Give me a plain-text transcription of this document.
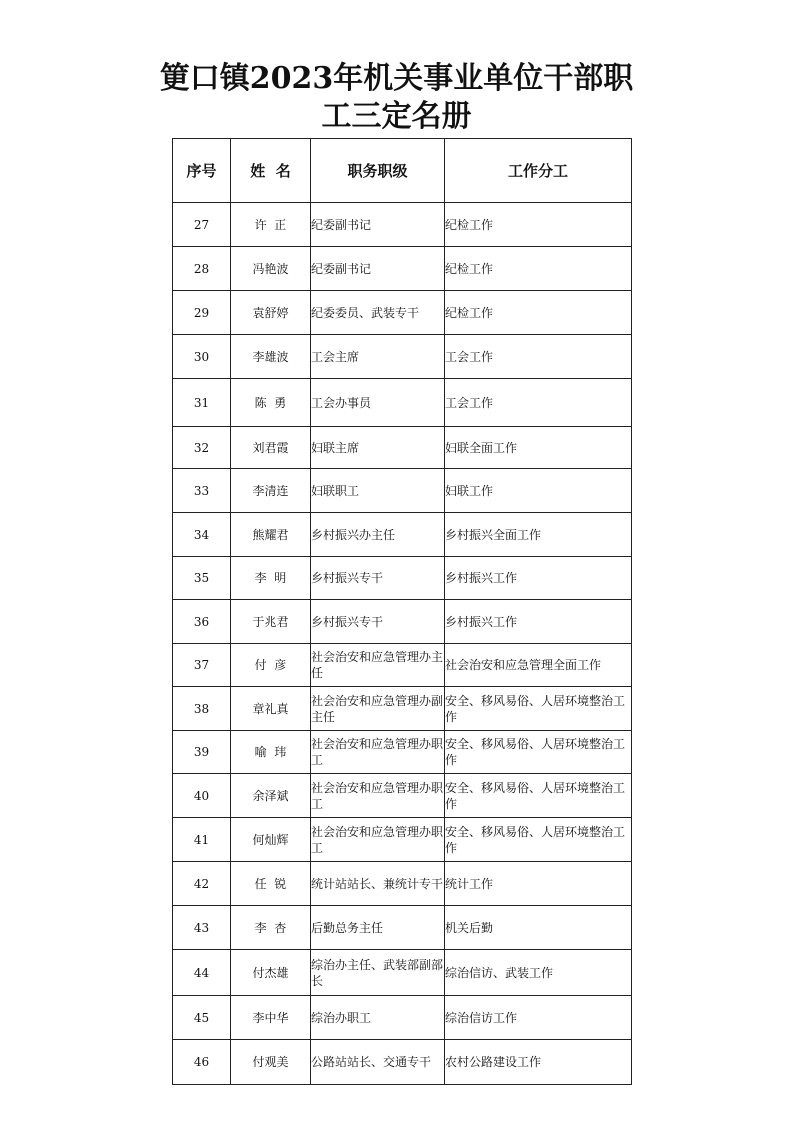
筻口镇2023年机关事业单位干部职
工三定名册
序号	姓  名	职务职级	工作分工
27	许  正	纪委副书记	纪检工作
28	冯艳波	纪委副书记	纪检工作
29	袁舒婷	纪委委员、武装专干	纪检工作
30	李雄波	工会主席	工会工作
31	陈  勇	工会办事员	工会工作
32	刘君霞	妇联主席	妇联全面工作
33	李清连	妇联职工	妇联工作
34	熊耀君	乡村振兴办主任	乡村振兴全面工作
35	李  明	乡村振兴专干	乡村振兴工作
36	于兆君	乡村振兴专干	乡村振兴工作
37	付  彦	社会治安和应急管理办主任	社会治安和应急管理全面工作
38	章礼真	社会治安和应急管理办副主任	安全、移风易俗、人居环境整治工作
39	喻  玮	社会治安和应急管理办职工	安全、移风易俗、人居环境整治工作
40	余泽斌	社会治安和应急管理办职工	安全、移风易俗、人居环境整治工作
41	何灿辉	社会治安和应急管理办职工	安全、移风易俗、人居环境整治工作
42	任  锐	统计站站长、兼统计专干	统计工作
43	李  杏	后勤总务主任	机关后勤
44	付杰雄	综治办主任、武装部副部长	综治信访、武装工作
45	李中华	综治办职工	综治信访工作
46	付观美	公路站站长、交通专干	农村公路建设工作
